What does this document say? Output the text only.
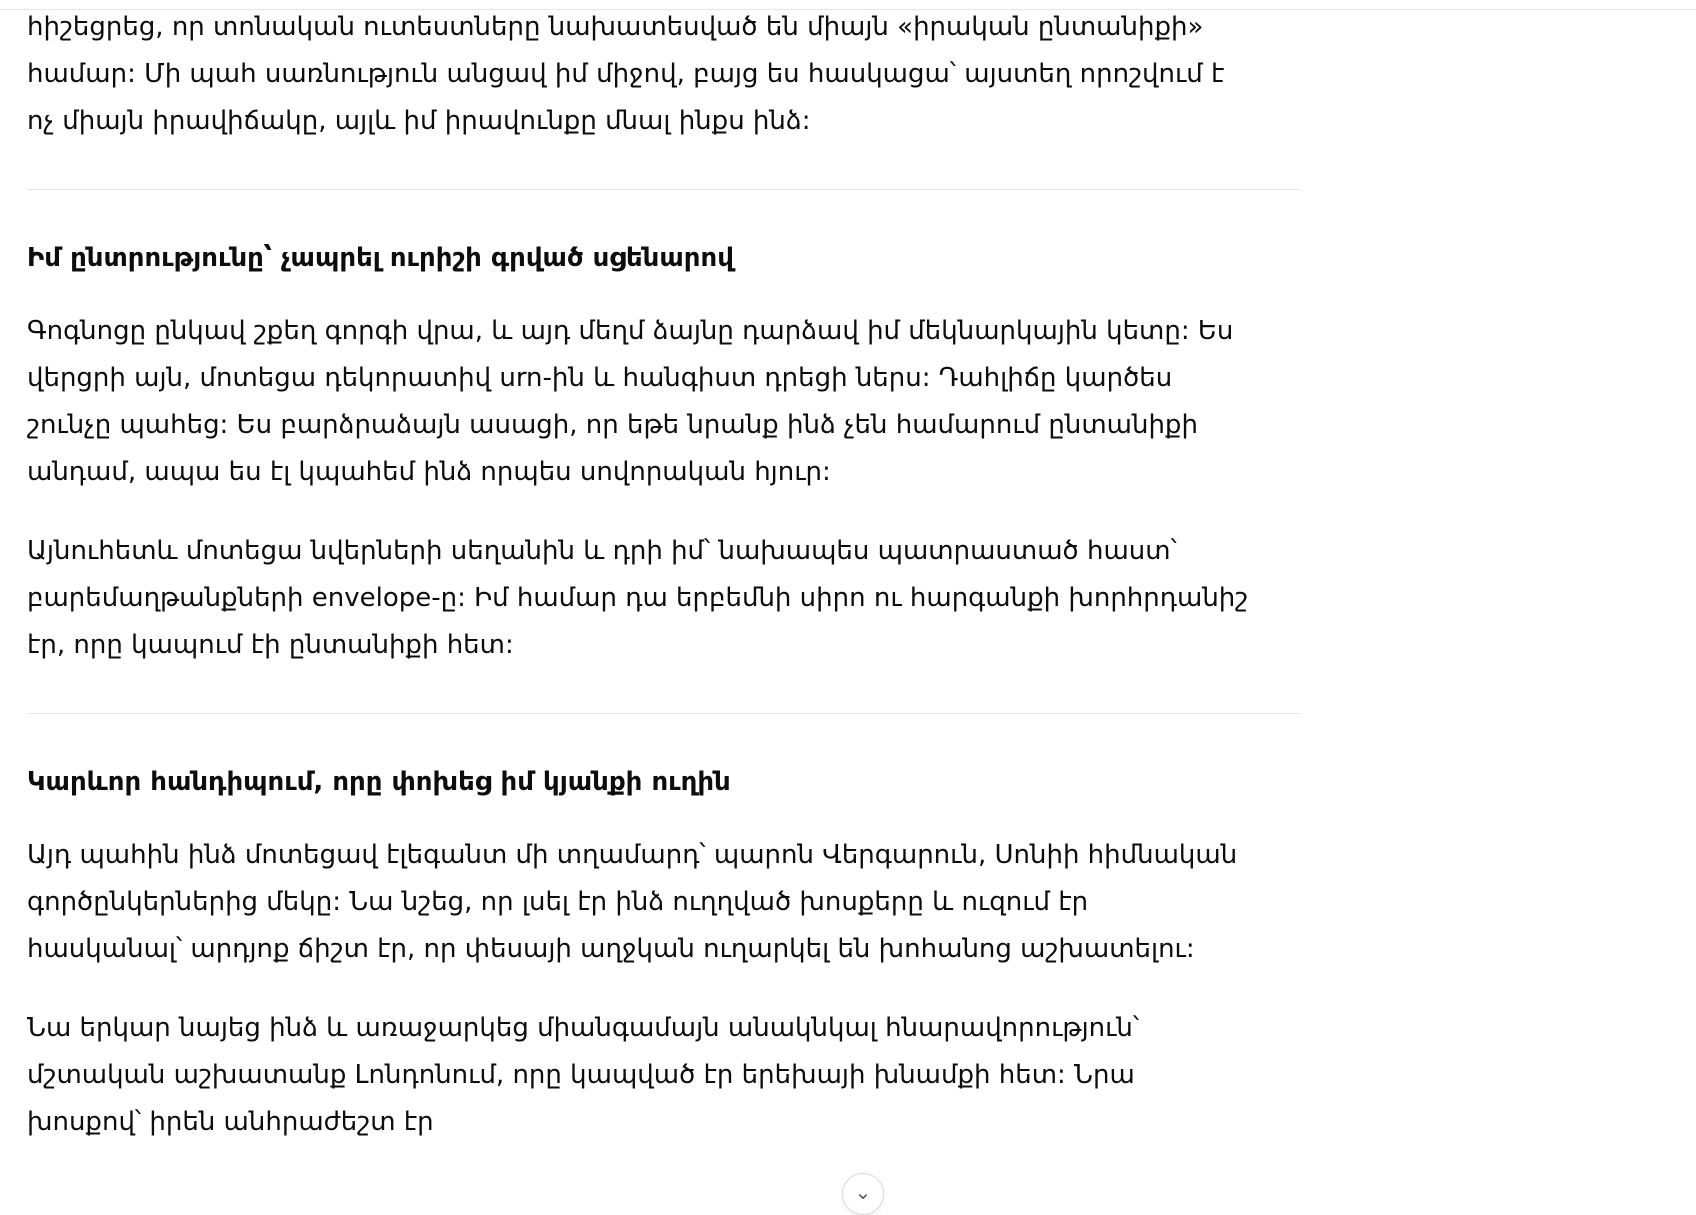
հիշեցրեց, որ տոնական ուտեստները նախատեսված են միայն «իրական ընտանիքի» համար: Մի պահ սառնություն անցավ իմ միջով, բայց ես հասկացա՝ այստեղ որոշվում է ոչ միայն իրավիճակը, այլև իմ իրավունքը մնալ ինքս ինձ:

Իմ ընտրությունը՝ չապրել ուրիշի գրված սցենարով

Գոգնոցը ընկավ շքեղ գորգի վրա, և այդ մեղմ ձայնը դարձավ իմ մեկնարկային կետը: Ես վերցրի այն, մոտեցա դեկորատիվ urn-ին և հանգիստ դրեցի ներս: Դահլիճը կարծես շունչը պահեց: Ես բարձրաձայն ասացի, որ եթե նրանք ինձ չեն համարում ընտանիքի անդամ, ապա ես էլ կպահեմ ինձ որպես սովորական հյուր:

Այնուհետև մոտեցա նվերների սեղանին և դրի իմ՝ նախապես պատրաստած հաստ՝ բարեմաղթանքների envelope-ը: Իմ համար դա երբեմնի սիրո ու հարգանքի խորհրդանիշ էր, որը կապում էի ընտանիքի հետ:

Կարևոր հանդիպում, որը փոխեց իմ կյանքի ուղին

Այդ պահին ինձ մոտեցավ էլեգանտ մի տղամարդ՝ պարոն Վերգարուն, Սոնիի հիմնական գործընկերներից մեկը: Նա նշեց, որ լսել էր ինձ ուղղված խոսքերը և ուզում էր հասկանալ՝ արդյոք ճիշտ էր, որ փեսայի աղջկան ուղարկել են խոհանոց աշխատելու:

Նա երկար նայեց ինձ և առաջարկեց միանգամայն անակնկալ հնարավորություն՝ մշտական աշխատանք Լոնդոնում, որը կապված էր երեխայի խնամքի հետ: Նրա խոսքով՝ իրեն անհրաժեշտ էր

⌄
